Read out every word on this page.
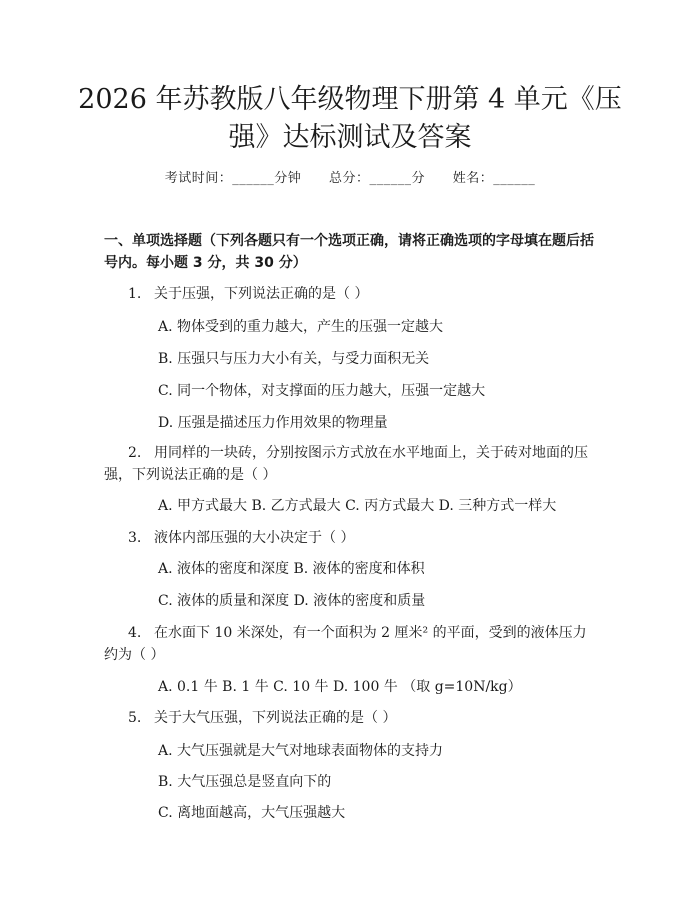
2026 年苏教版八年级物理下册第 4 单元《压
强》达标测试及答案
考试时间：______分钟      总分：______分      姓名：______
一、单项选择题（下列各题只有一个选项正确，请将正确选项的字母填在题后括号内。每小题 3 分，共 30 分）
1. 关于压强，下列说法正确的是（ ）
A. 物体受到的重力越大，产生的压强一定越大
B. 压强只与压力大小有关，与受力面积无关
C. 同一个物体，对支撑面的压力越大，压强一定越大
D. 压强是描述压力作用效果的物理量
2. 用同样的一块砖，分别按图示方式放在水平地面上，关于砖对地面的压强，下列说法正确的是（ ）
A. 甲方式最大 B. 乙方式最大 C. 丙方式最大 D. 三种方式一样大
3. 液体内部压强的大小决定于（ ）
A. 液体的密度和深度 B. 液体的密度和体积
C. 液体的质量和深度 D. 液体的密度和质量
4. 在水面下 10 米深处，有一个面积为 2 厘米² 的平面，受到的液体压力约为（ ）
A. 0.1 牛 B. 1 牛 C. 10 牛 D. 100 牛 （取 g=10N/kg）
5. 关于大气压强，下列说法正确的是（ ）
A. 大气压强就是大气对地球表面物体的支持力
B. 大气压强总是竖直向下的
C. 离地面越高，大气压强越大
